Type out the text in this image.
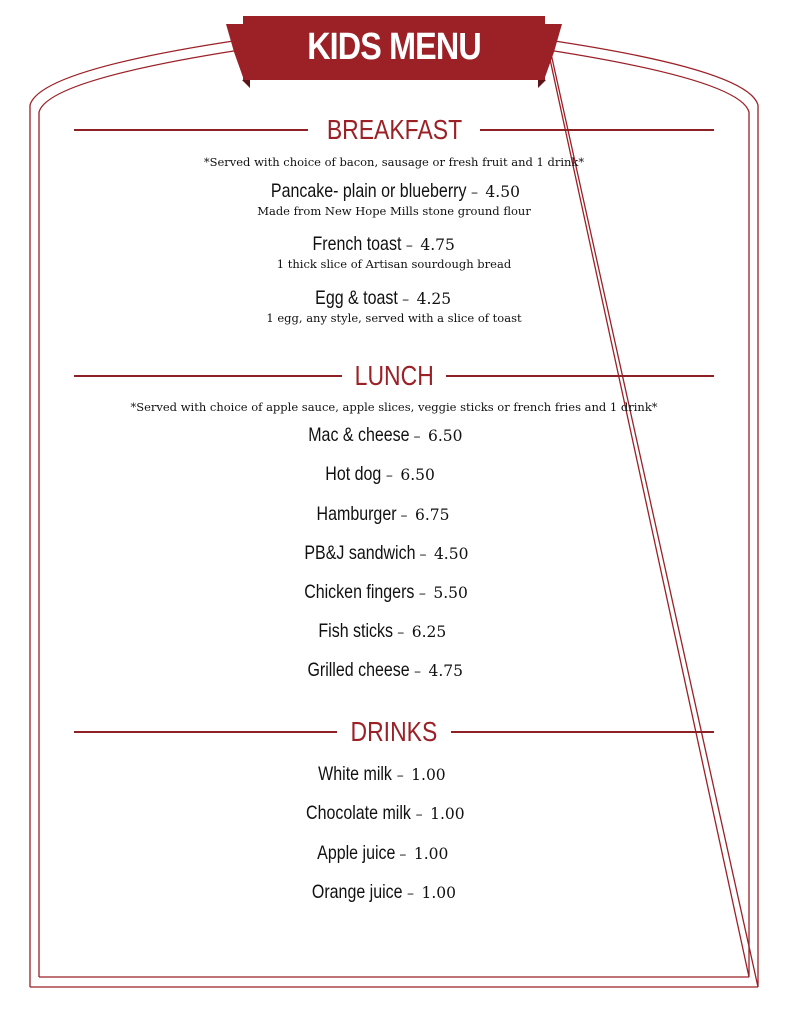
KIDS MENU
BREAKFAST
*Served with choice of bacon, sausage or fresh fruit and 1 drink*
Pancake- plain or blueberry – 4.50
Made from New Hope Mills stone ground flour
French toast – 4.75
1 thick slice of Artisan sourdough bread
Egg & toast – 4.25
1 egg, any style, served with a slice of toast
LUNCH
*Served with choice of apple sauce, apple slices, veggie sticks or french fries and 1 drink*
Mac & cheese – 6.50
Hot dog – 6.50
Hamburger – 6.75
PB&J sandwich – 4.50
Chicken fingers – 5.50
Fish sticks – 6.25
Grilled cheese – 4.75
DRINKS
White milk – 1.00
Chocolate milk – 1.00
Apple juice – 1.00
Orange juice – 1.00
